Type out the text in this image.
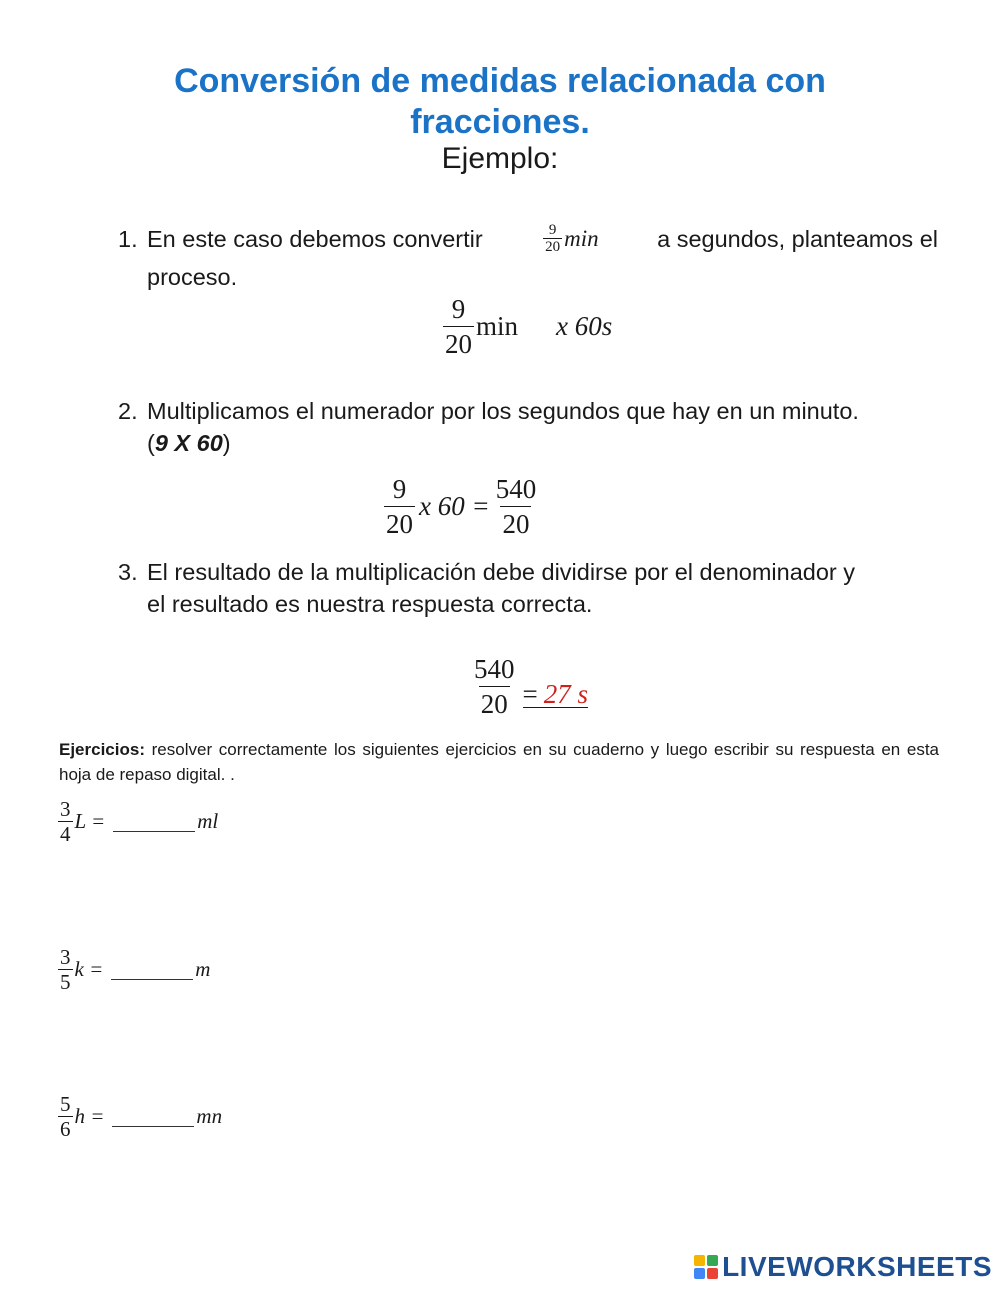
Conversión de medidas relacionada con
fracciones.
Ejemplo:
1. En este caso debemos convertir	$\frac{9}{20}$ min a segundos, planteamos el
proceso.
$\frac{9}{20}$ min x 60s
2. Multiplicamos el numerador por los segundos que hay en un minuto.
(9 X 60)
$\frac{9}{20}$ x $60 = \frac{540}{20}$
3. El resultado de la multiplicación debe dividirse por el denominador y
el resultado es nuestra respuesta correcta.
$\frac{540}{20} = 27$ s
Ejercicios: resolver correctamente los siguientes ejercicios en su cuaderno y luego escribir su respuesta en esta hoja de repaso digital. .
$\frac{3}{4}$ L =	ml
$\frac{3}{5}$ k =	m
$\frac{5}{6}$ h =	mn
LIVEWORKSHEETS
